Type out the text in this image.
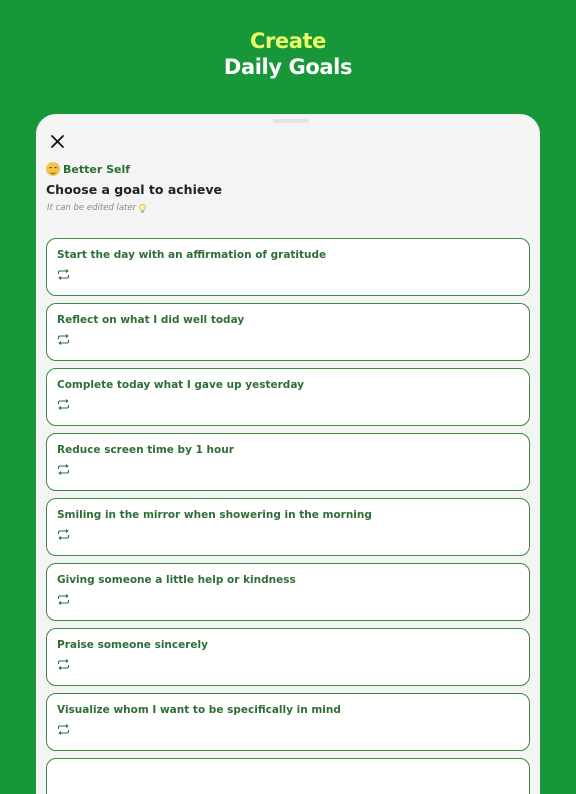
Create
Daily Goals
Better Self
Choose a goal to achieve
It can be edited later
Start the day with an affirmation of gratitude
Reflect on what I did well today
Complete today what I gave up yesterday
Reduce screen time by 1 hour
Smiling in the mirror when showering in the morning
Giving someone a little help or kindness
Praise someone sincerely
Visualize whom I want to be specifically in mind
